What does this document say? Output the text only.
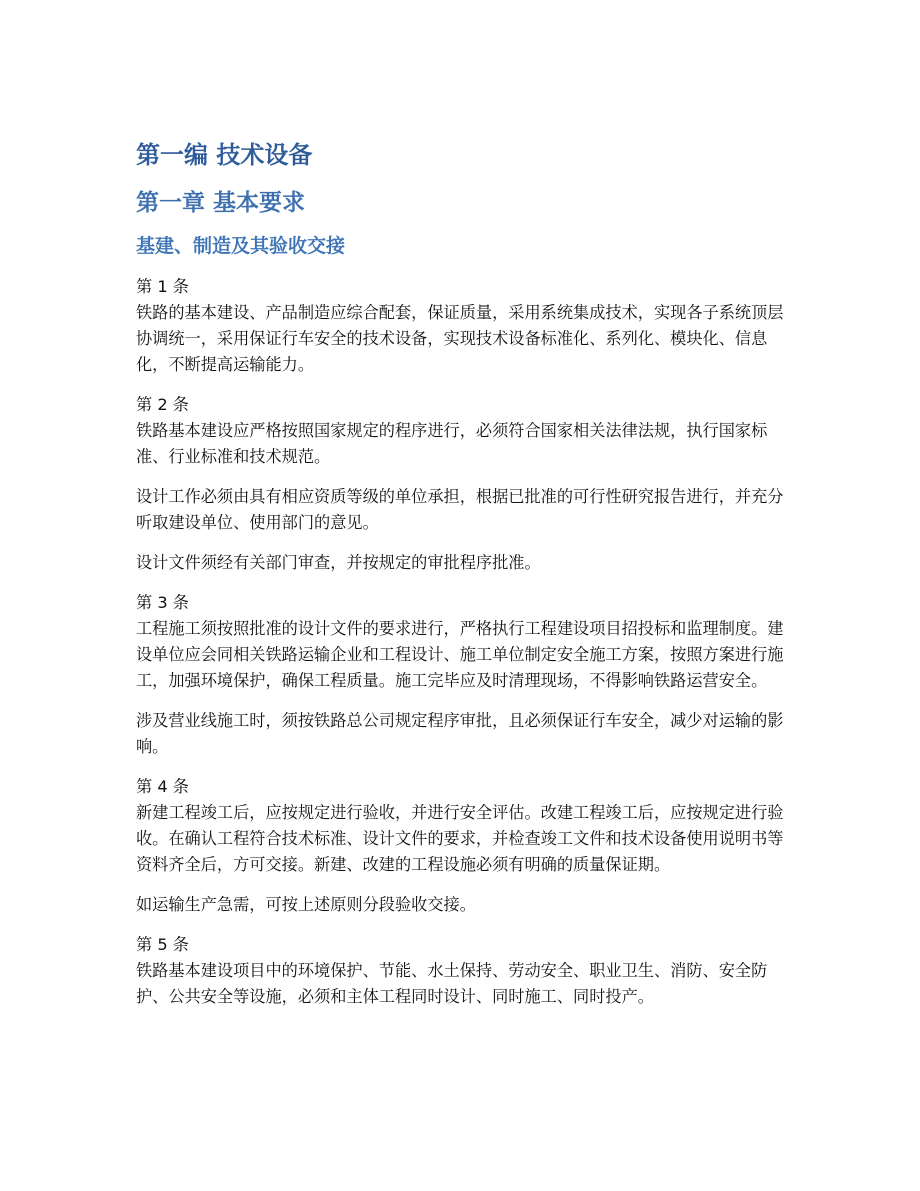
第一编 技术设备
第一章 基本要求
基建、制造及其验收交接

第 1 条

铁路的基本建设、产品制造应综合配套，保证质量，采用系统集成技术，实现各子系统顶层协调统一，采用保证行车安全的技术设备，实现技术设备标准化、系列化、模块化、信息化，不断提高运输能力。

第 2 条

铁路基本建设应严格按照国家规定的程序进行，必须符合国家相关法律法规，执行国家标准、行业标准和技术规范。

设计工作必须由具有相应资质等级的单位承担，根据已批准的可行性研究报告进行，并充分听取建设单位、使用部门的意见。

设计文件须经有关部门审查，并按规定的审批程序批准。

第 3 条

工程施工须按照批准的设计文件的要求进行，严格执行工程建设项目招投标和监理制度。建设单位应会同相关铁路运输企业和工程设计、施工单位制定安全施工方案，按照方案进行施工，加强环境保护，确保工程质量。施工完毕应及时清理现场，不得影响铁路运营安全。

涉及营业线施工时，须按铁路总公司规定程序审批，且必须保证行车安全，减少对运输的影响。

第 4 条

新建工程竣工后，应按规定进行验收，并进行安全评估。改建工程竣工后，应按规定进行验收。在确认工程符合技术标准、设计文件的要求，并检查竣工文件和技术设备使用说明书等资料齐全后，方可交接。新建、改建的工程设施必须有明确的质量保证期。

如运输生产急需，可按上述原则分段验收交接。

第 5 条

铁路基本建设项目中的环境保护、节能、水土保持、劳动安全、职业卫生、消防、安全防护、公共安全等设施，必须和主体工程同时设计、同时施工、同时投产。
